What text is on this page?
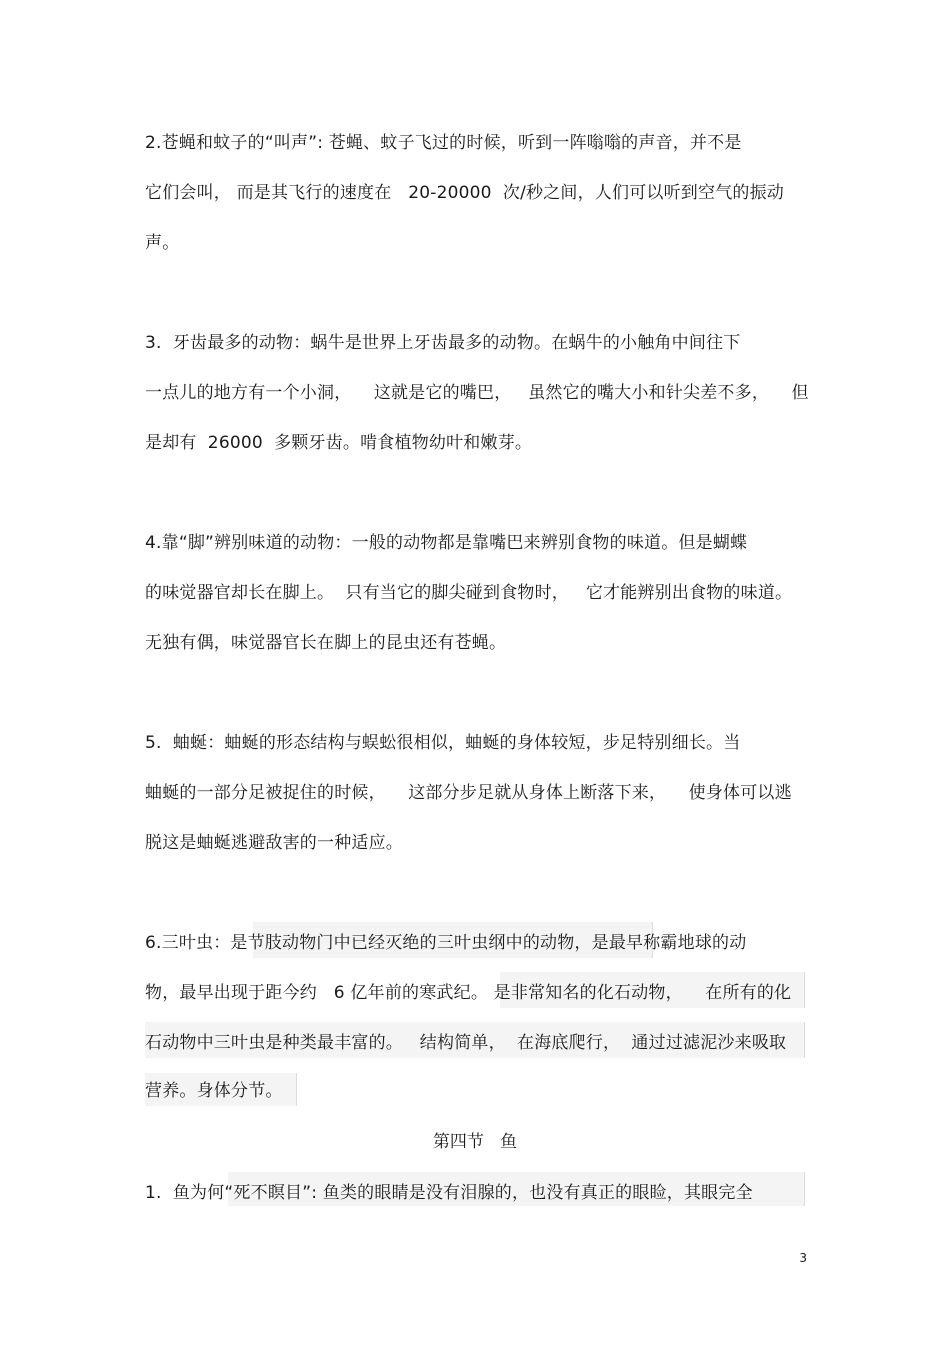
2.苍蝇和蚊子的“叫声”: 苍蝇、蚊子飞过的时候，听到一阵嗡嗡的声音，并不是
它们会叫， 而是其飞行的速度在   20-20000  次/秒之间，人们可以听到空气的振动
声。
3.  牙齿最多的动物：蜗牛是世界上牙齿最多的动物。在蜗牛的小触角中间往下
一点儿的地方有一个小洞，    这就是它的嘴巴，   虽然它的嘴大小和针尖差不多，    但
是却有  26000  多颗牙齿。啃食植物幼叶和嫩芽。
4.靠“脚”辨别味道的动物：一般的动物都是靠嘴巴来辨别食物的味道。但是蝴蝶
的味觉器官却长在脚上。  只有当它的脚尖碰到食物时，   它才能辨别出食物的味道。
无独有偶，味觉器官长在脚上的昆虫还有苍蝇。
5.  蚰蜒：蚰蜒的形态结构与蜈蚣很相似，蚰蜒的身体较短，步足特别细长。当
蚰蜒的一部分足被捉住的时候，    这部分步足就从身体上断落下来，    使身体可以逃
脱这是蚰蜒逃避敌害的一种适应。
6.三叶虫：是节肢动物门中已经灭绝的三叶虫纲中的动物，是最早称霸地球的动
物，最早出现于距今约   6 亿年前的寒武纪。 是非常知名的化石动物，    在所有的化
石动物中三叶虫是种类最丰富的。   结构简单，  在海底爬行，  通过过滤泥沙来吸取
营养。身体分节。
第四节   鱼
1.  鱼为何“死不瞑目”: 鱼类的眼睛是没有泪腺的，也没有真正的眼睑，其眼完全
3
